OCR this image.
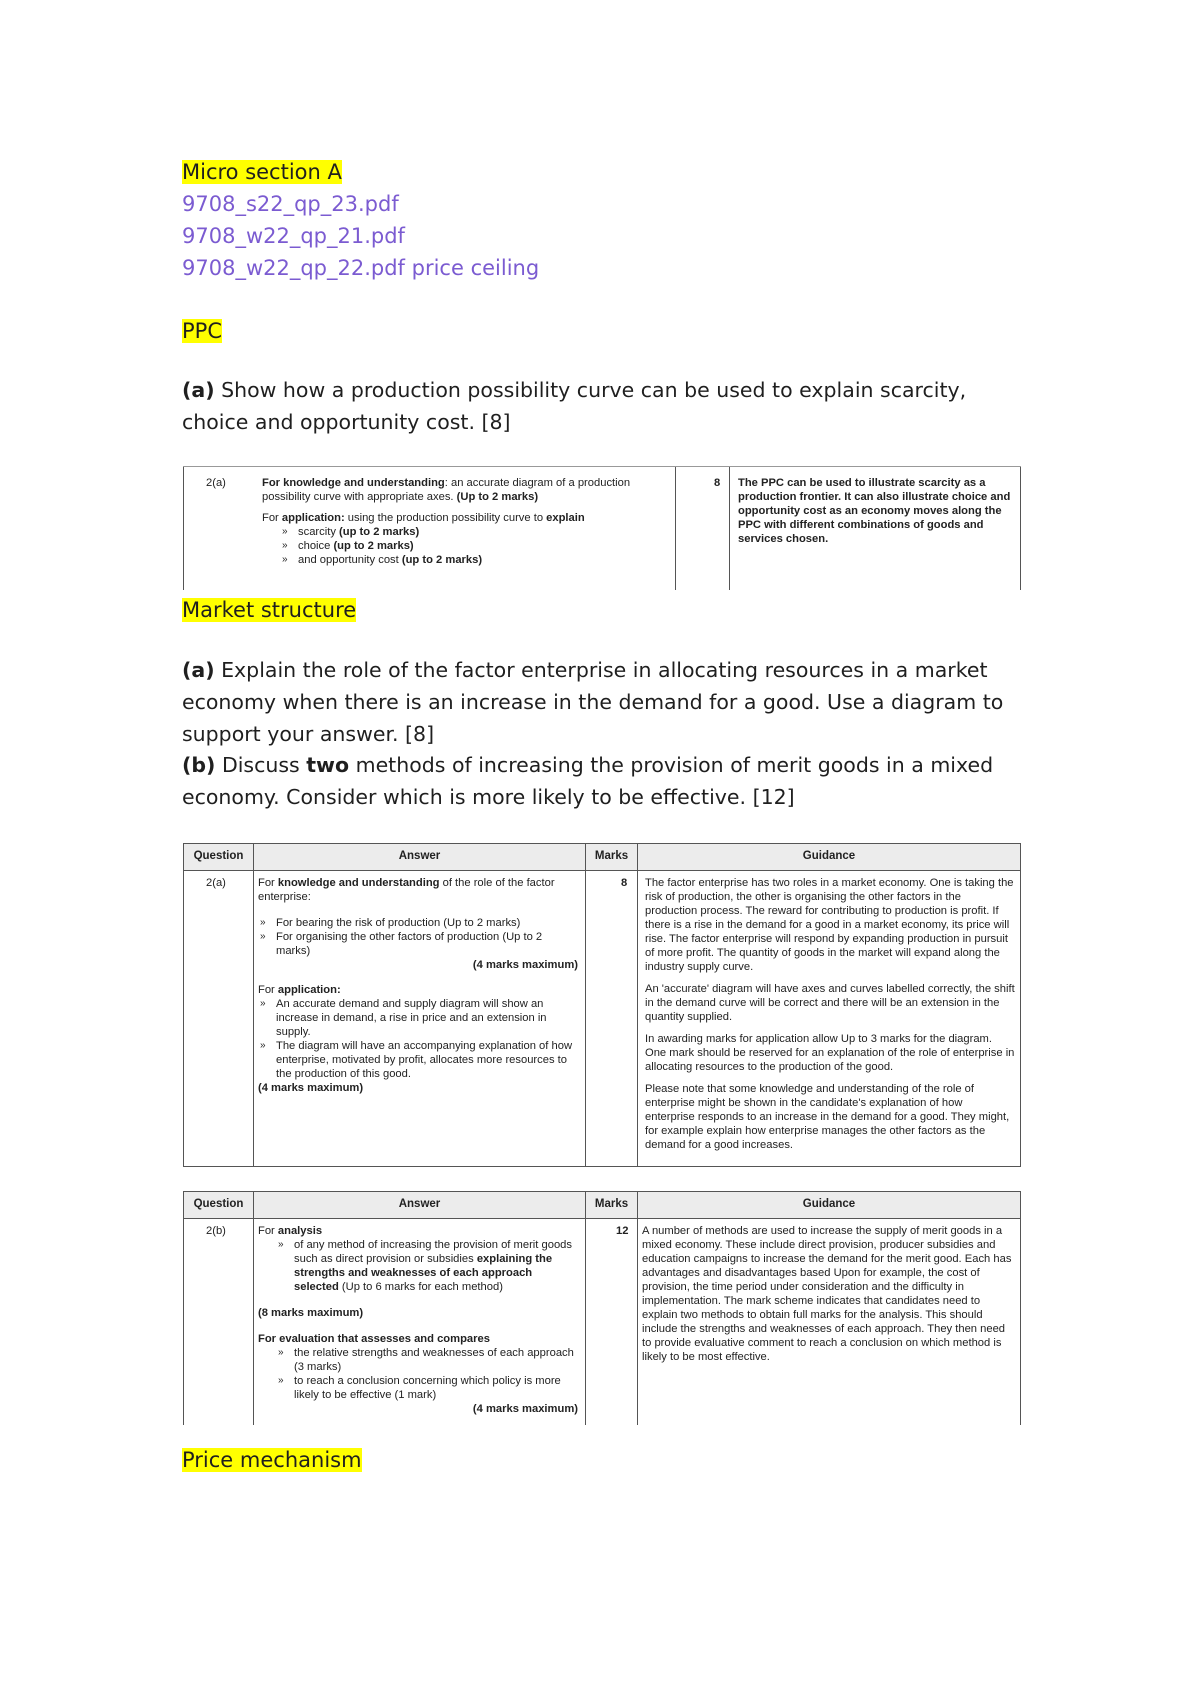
Micro section A
9708_s22_qp_23.pdf
9708_w22_qp_21.pdf
9708_w22_qp_22.pdf price ceiling
PPC
(a) Show how a production possibility curve can be used to explain scarcity, choice and opportunity cost. [8]
2(a)	For knowledge and understanding: an accurate diagram of a production possibility curve with appropriate axes. (Up to 2 marks)
For application: using the production possibility curve to explain
» scarcity (up to 2 marks)
» choice (up to 2 marks)
» and opportunity cost (up to 2 marks)
8 The PPC can be used to illustrate scarcity as a production frontier. It can also illustrate choice and opportunity cost as an economy moves along the PPC with different combinations of goods and services chosen.
Market structure
(a) Explain the role of the factor enterprise in allocating resources in a market economy when there is an increase in the demand for a good. Use a diagram to support your answer. [8]
(b) Discuss two methods of increasing the provision of merit goods in a mixed economy. Consider which is more likely to be effective. [12]
Question	Answer	Marks	Guidance
2(a)	For knowledge and understanding of the role of the factor enterprise:
» For bearing the risk of production (Up to 2 marks)
» For organising the other factors of production (Up to 2 marks)
(4 marks maximum)
For application:
» An accurate demand and supply diagram will show an increase in demand, a rise in price and an extension in supply.
» The diagram will have an accompanying explanation of how enterprise, motivated by profit, allocates more resources to the production of this good.
(4 marks maximum)
8 The factor enterprise has two roles in a market economy. One is taking the risk of production, the other is organising the other factors in the production process. The reward for contributing to production is profit. If there is a rise in the demand for a good in a market economy, its price will rise. The factor enterprise will respond by expanding production in pursuit of more profit. The quantity of goods in the market will expand along the industry supply curve.
An 'accurate' diagram will have axes and curves labelled correctly, the shift in the demand curve will be correct and there will be an extension in the quantity supplied.
In awarding marks for application allow Up to 3 marks for the diagram. One mark should be reserved for an explanation of the role of enterprise in allocating resources to the production of the good.
Please note that some knowledge and understanding of the role of enterprise might be shown in the candidate's explanation of how enterprise responds to an increase in the demand for a good. They might, for example explain how enterprise manages the other factors as the demand for a good increases.
Question	Answer	Marks	Guidance
2(b)	For analysis
» of any method of increasing the provision of merit goods such as direct provision or subsidies explaining the strengths and weaknesses of each approach selected (Up to 6 marks for each method)
(8 marks maximum)
For evaluation that assesses and compares
» the relative strengths and weaknesses of each approach (3 marks)
» to reach a conclusion concerning which policy is more likely to be effective (1 mark)
(4 marks maximum)
12 A number of methods are used to increase the supply of merit goods in a mixed economy. These include direct provision, producer subsidies and education campaigns to increase the demand for the merit good. Each has advantages and disadvantages based Upon for example, the cost of provision, the time period under consideration and the difficulty in implementation. The mark scheme indicates that candidates need to explain two methods to obtain full marks for the analysis. This should include the strengths and weaknesses of each approach. They then need to provide evaluative comment to reach a conclusion on which method is likely to be most effective.
Price mechanism
